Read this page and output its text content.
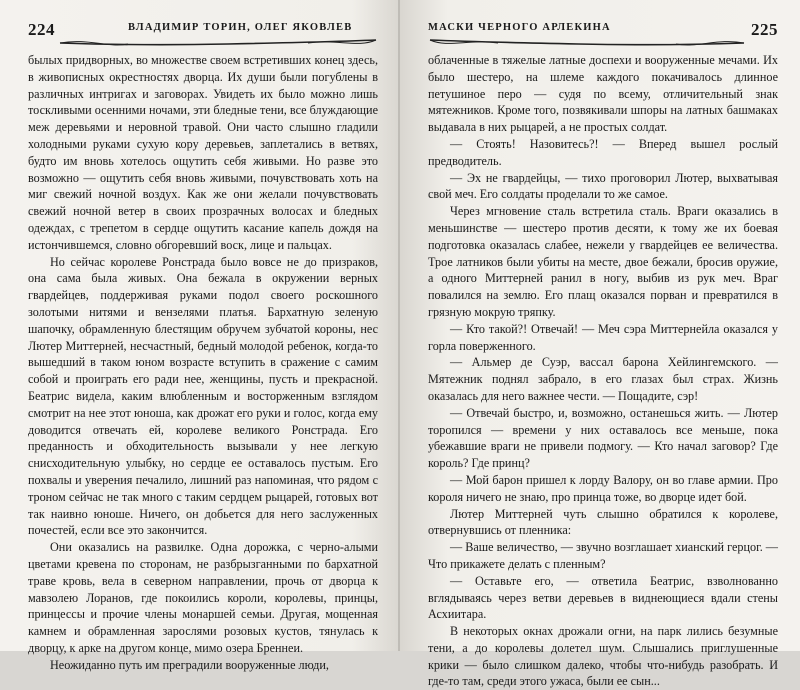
224	ВЛАДИМИР ТОРИН, ОЛЕГ ЯКОВЛЕВ

былых придворных, во множестве своем встретивших конец здесь, в живописных окрестностях дворца. Их души были погублены в различных интригах и заговорах. Увидеть их было можно лишь тоскливыми осенними ночами, эти бледные тени, все блуждающие меж деревьями и неровной травой. Они часто слышно гладили холодными руками сухую кору деревьев, заплетались в ветвях, будто им вновь хотелось ощутить себя живыми. Но разве это возможно — ощутить себя вновь живыми, почувствовать хоть на миг свежий ночной воздух. Как же они желали почувствовать свежий ночной ветер в своих прозрачных волосах и бледных одеждах, с трепетом в сердце ощутить касание капель дождя на истончившемся, словно обгоревший воск, лице и пальцах.

Но сейчас королеве Ронстрада было вовсе не до призраков, она сама была живых. Она бежала в окружении верных гвардейцев, поддерживая руками подол своего роскошного золотыми нитями и вензелями платья. Бархатную зеленую шапочку, обрамленную блестящим обручем зубчатой короны, нес Лютер Миттерней, несчастный, бедный молодой ребенок, когда-то вышедший в таком юном возрасте вступить в сражение с самим собой и проиграть его ради нее, женщины, пусть и прекрасной. Беатрис видела, каким влюбленным и восторженным взглядом смотрит на нее этот юноша, как дрожат его руки и голос, когда ему доводится отвечать ей, королеве великого Ронстрада. Его преданность и обходительность вызывали у нее легкую снисходительную улыбку, но сердце ее оставалось пустым. Его похвалы и уверения печалило, лишний раз напоминая, что рядом с троном сейчас не так много с таким сердцем рыцарей, готовых вот так наивно юноше. Ничего, он добьется для него заслуженных почестей, если все это закончится.

Они оказались на развилке. Одна дорожка, с черно-алыми цветами кревена по сторонам, не разбрызганными по бархатной траве кровь, вела в северном направлении, прочь от дворца к мавзолею Лоранов, где покоились короли, королевы, принцы, принцессы и прочие члены монаршей семьи. Другая, мощенная камнем и обрамленная зарослями розовых кустов, тянулась к дворцу, к арке на другом конце, мимо озера Бреннеи.

Неожиданно путь им преградили вооруженные люди,

МАСКИ ЧЕРНОГО АРЛЕКИНА	225

облаченные в тяжелые латные доспехи и вооруженные мечами. Их было шестеро, на шлеме каждого покачивалось длинное петушиное перо — судя по всему, отличительный знак мятежников. Кроме того, позвякивали шпоры на латных башмаках выдавала в них рыцарей, а не простых солдат.

— Стоять! Назовитесь?! — Вперед вышел рослый предводитель.

— Эх не гвардейцы, — тихо проговорил Лютер, выхватывая свой меч. Его солдаты проделали то же самое.

Через мгновение сталь встретила сталь. Враги оказались в меньшинстве — шестеро против десяти, к тому же их боевая подготовка оказалась слабее, нежели у гвардейцев ее величества. Трое латников были убиты на месте, двое бежали, бросив оружие, а одного Миттерней ранил в ногу, выбив из рук меч. Враг повалился на землю. Его плащ оказался порван и превратился в грязную мокрую тряпку.

— Кто такой?! Отвечай! — Меч сэра Миттернейла оказался у горла поверженного.

— Альмер де Суэр, вассал барона Хейлингемского. — Мятежник поднял забрало, в его глазах был страх. Жизнь оказалась для него важнее чести. — Пощадите, сэр!

— Отвечай быстро, и, возможно, останешься жить. — Лютер торопился — времени у них оставалось все меньше, пока убежавшие враги не привели подмогу. — Кто начал заговор? Где король? Где принц?

— Мой барон пришел к лорду Валору, он во главе армии. Про короля ничего не знаю, про принца тоже, во дворце идет бой.

Лютер Миттерней чуть слышно обратился к королеве, отвернувшись от пленника:

— Ваше величество, — звучно возглашает хианский герцог. — Что прикажете делать с пленным?

— Оставьте его, — ответила Беатрис, взволнованно вглядываясь через ветви деревьев в виднеющиеся вдали стены Асхиитара.

В некоторых окнах дрожали огни, на парк лились безумные тени, а до королевы долетел шум. Слышались приглушенные крики — было слишком далеко, чтобы что-нибудь разобрать. И где-то там, среди этого ужаса, были ее сын...
